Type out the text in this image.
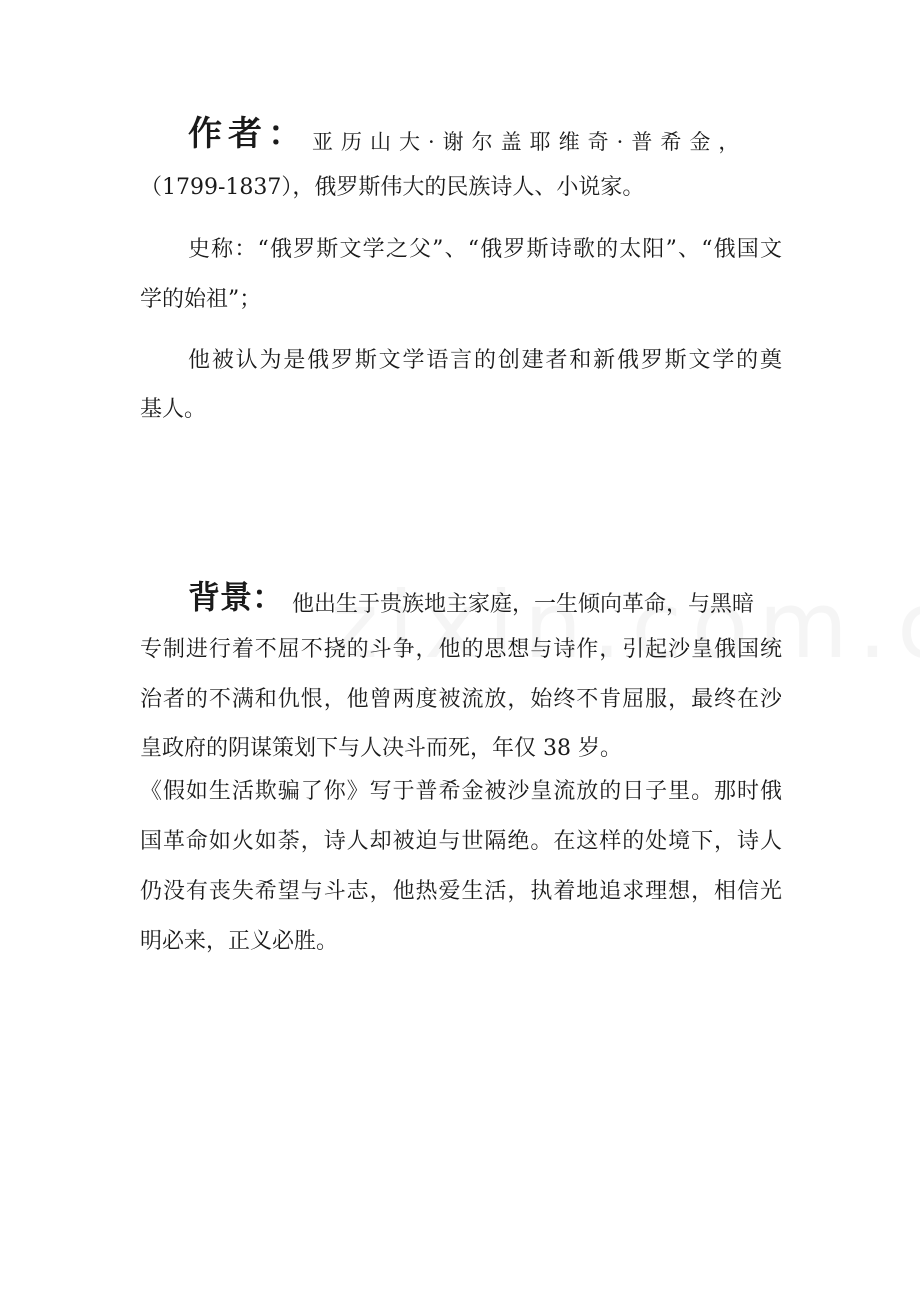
作者： 亚历山大·谢尔盖耶维奇·普希金，
（1799-1837），俄罗斯伟大的民族诗人、小说家。
史称：“俄罗斯文学之父”、“俄罗斯诗歌的太阳”、“俄国文
学的始祖”；
他被认为是俄罗斯文学语言的创建者和新俄罗斯文学的奠
基人。
背景： 他出生于贵族地主家庭，一生倾向革命，与黑暗
专制进行着不屈不挠的斗争，他的思想与诗作，引起沙皇俄国统
治者的不满和仇恨，他曾两度被流放，始终不肯屈服，最终在沙
皇政府的阴谋策划下与人决斗而死，年仅 38 岁。
《假如生活欺骗了你》写于普希金被沙皇流放的日子里。那时俄
国革命如火如荼，诗人却被迫与世隔绝。在这样的处境下，诗人
仍没有丧失希望与斗志，他热爱生活，执着地追求理想，相信光
明必来，正义必胜。
